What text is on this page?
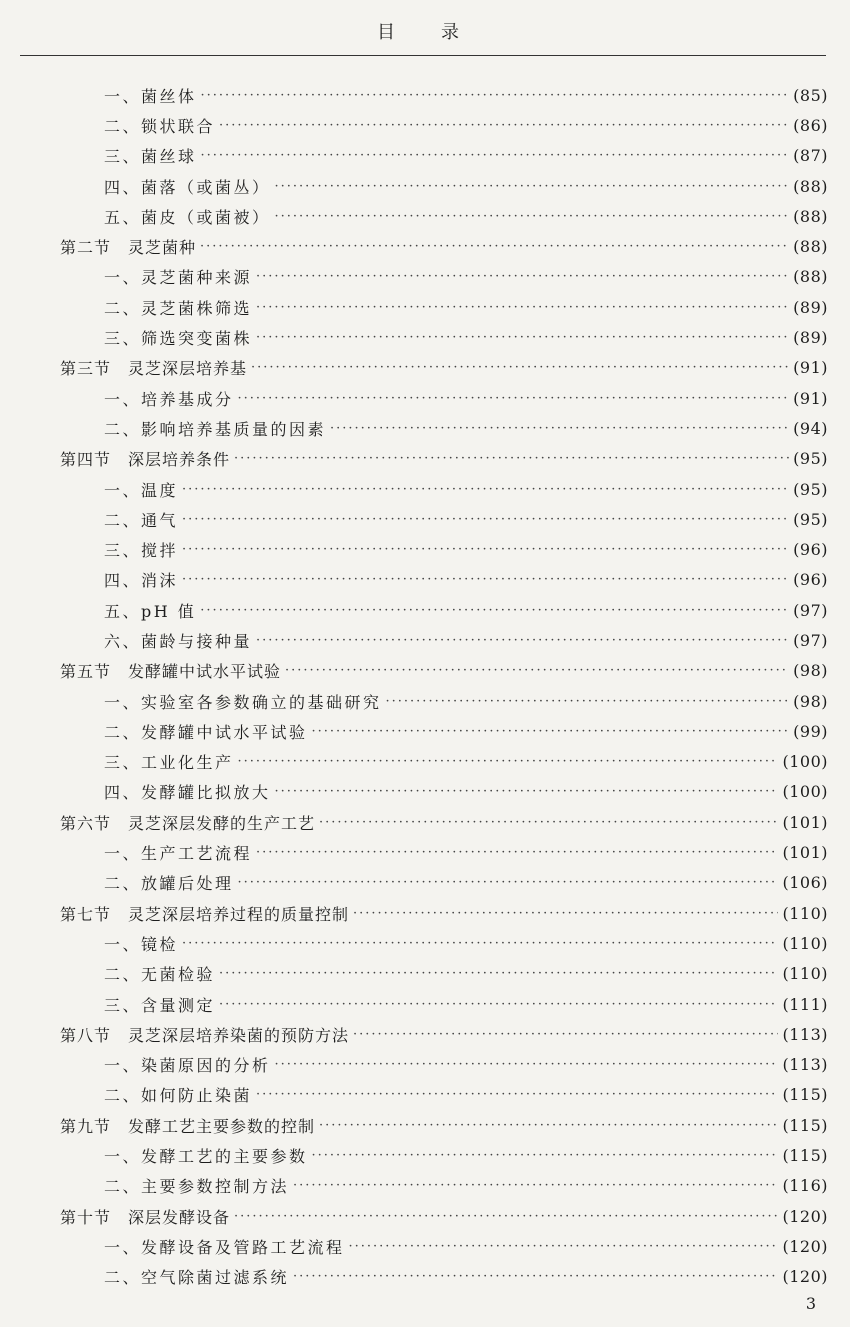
目　录
一、菌丝体 ·····	(85)
二、锁状联合 ·····	(86)
三、菌丝球 ·····	(87)
四、菌落（或菌丛） ·····	(88)
五、菌皮（或菌被） ·····	(88)
第二节　灵芝菌种 ·····	(88)
一、灵芝菌种来源 ·····	(88)
二、灵芝菌株筛选 ·····	(89)
三、筛选突变菌株 ·····	(89)
第三节　灵芝深层培养基 ·····	(91)
一、培养基成分 ·····	(91)
二、影响培养基质量的因素 ·····	(94)
第四节　深层培养条件 ·····	(95)
一、温度 ·····	(95)
二、通气 ·····	(95)
三、搅拌 ·····	(96)
四、消沫 ·····	(96)
五、pH 值 ·····	(97)
六、菌龄与接种量 ·····	(97)
第五节　发酵罐中试水平试验 ·····	(98)
一、实验室各参数确立的基础研究 ·····	(98)
二、发酵罐中试水平试验 ·····	(99)
三、工业化生产 ·····	(100)
四、发酵罐比拟放大 ·····	(100)
第六节　灵芝深层发酵的生产工艺 ·····	(101)
一、生产工艺流程 ·····	(101)
二、放罐后处理 ·····	(106)
第七节　灵芝深层培养过程的质量控制 ·····	(110)
一、镜检 ·····	(110)
二、无菌检验 ·····	(110)
三、含量测定 ·····	(111)
第八节　灵芝深层培养染菌的预防方法 ·····	(113)
一、染菌原因的分析 ·····	(113)
二、如何防止染菌 ·····	(115)
第九节　发酵工艺主要参数的控制 ·····	(115)
一、发酵工艺的主要参数 ·····	(115)
二、主要参数控制方法 ·····	(116)
第十节　深层发酵设备 ·····	(120)
一、发酵设备及管路工艺流程 ·····	(120)
二、空气除菌过滤系统 ·····	(120)
3
